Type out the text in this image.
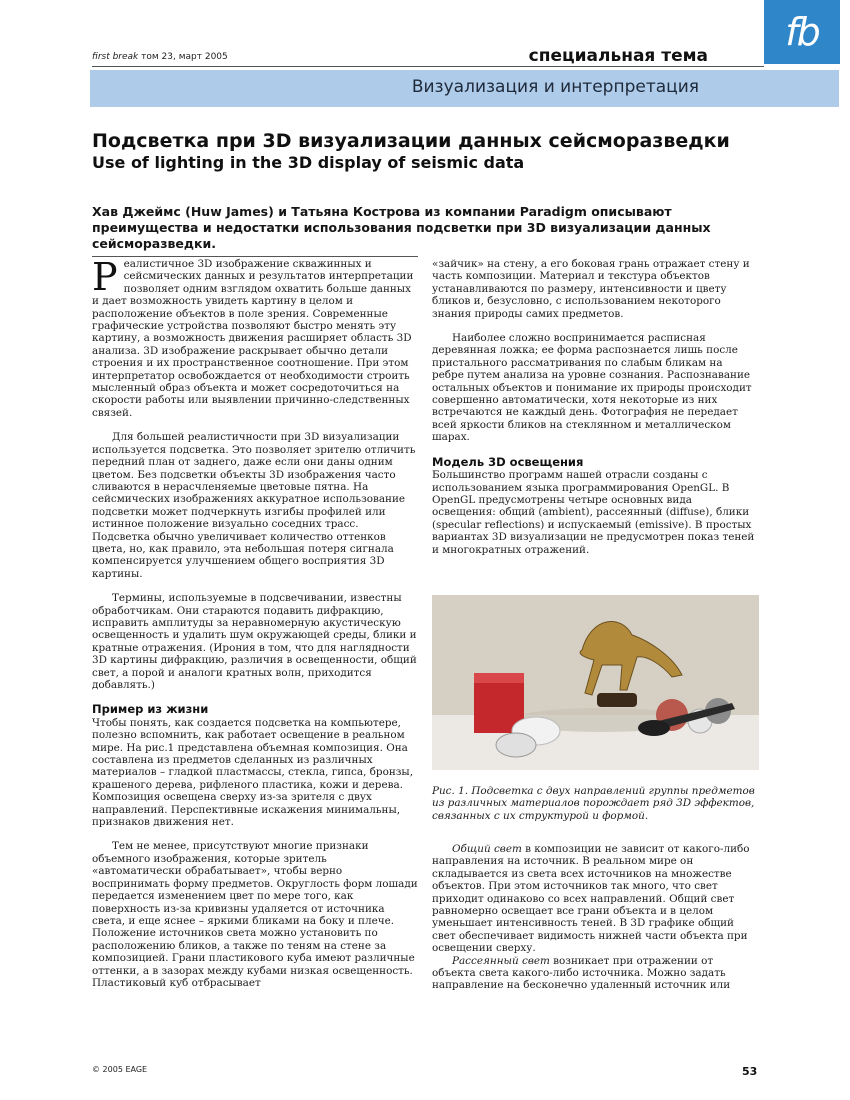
first break том 23, март 2005	специальная тема
Визуализация и интерпретация
fb
Подсветка при 3D визуализации данных сейсморазведки
Use of lighting in the 3D display of seismic data
Хав Джеймс (Huw James) и Татьяна Кострова из компании Paradigm описывают преимущества и недостатки использования подсветки при 3D визуализации данных сейсморазведки.

Реалистичное 3D изображение скважинных и сейсмических данных и результатов интерпретации позволяет одним взглядом охватить больше данных и дает возможность увидеть картину в целом и расположение объектов в поле зрения. Современные графические устройства позволяют быстро менять эту картину, а возможность движения расширяет область 3D анализа. 3D изображение раскрывает обычно детали строения и их пространственное соотношение. При этом интерпретатор освобождается от необходимости строить мысленный образ объекта и может сосредоточиться на скорости работы или выявлении причинно-следственных связей.

Для большей реалистичности при 3D визуализации используется подсветка. Это позволяет зрителю отличить передний план от заднего, даже если они даны одним цветом. Без подсветки объекты 3D изображения часто сливаются в нерасчленяемые цветовые пятна. На сейсмических изображениях аккуратное использование подсветки может подчеркнуть изгибы профилей или истинное положение визуально соседних трасс. Подсветка обычно увеличивает количество оттенков цвета, но, как правило, эта небольшая потеря сигнала компенсируется улучшением общего восприятия 3D картины.

Термины, используемые в подсвечивании, известны обработчикам. Они стараются подавить дифракцию, исправить амплитуды за неравномерную акустическую освещенность и удалить шум окружающей среды, блики и кратные отражения. (Ирония в том, что для наглядности 3D картины дифракцию, различия в освещенности, общий свет, а порой и аналоги кратных волн, приходится добавлять.)

Пример из жизни

Чтобы понять, как создается подсветка на компьютере, полезно вспомнить, как работает освещение в реальном мире. На рис.1 представлена объемная композиция. Она составлена из предметов сделанных из различных материалов – гладкой пластмассы, стекла, гипса, бронзы, крашеного дерева, рифленого пластика, кожи и дерева. Композиция освещена сверху из-за зрителя с двух направлений. Перспективные искажения минимальны, признаков движения нет.

Тем не менее, присутствуют многие признаки объемного изображения, которые зритель «автоматически обрабатывает», чтобы верно воспринимать форму предметов. Округлость форм лошади передается изменением цвет по мере того, как поверхность из-за кривизны удаляется от источника света, и еще яснее – яркими бликами на боку и плече. Положение источников света можно установить по расположению бликов, а также по теням на стене за композицией. Грани пластикового куба имеют различные оттенки, а в зазорах между кубами низкая освещенность. Пластиковый куб отбрасывает

«зайчик» на стену, а его боковая грань отражает стену и часть композиции. Материал и текстура объектов устанавливаются по размеру, интенсивности и цвету бликов и, безусловно, с использованием некоторого знания природы самих предметов.

Наиболее сложно воспринимается расписная деревянная ложка; ее форма распознается лишь после пристального рассматривания по слабым бликам на ребре путем анализа на уровне сознания. Распознавание остальных объектов и понимание их природы происходит совершенно автоматически, хотя некоторые из них встречаются не каждый день. Фотография не передает всей яркости бликов на стеклянном и металлическом шарах.

Модель 3D освещения

Большинство программ нашей отрасли созданы с использованием языка программирования OpenGL. В OpenGL предусмотрены четыре основных вида освещения: общий (ambient), рассеянный (diffuse), блики (specular reflections) и испускаемый (emissive). В простых вариантах 3D визуализации не предусмотрен показ теней и многократных отражений.

Рис. 1. Подсветка с двух направлений группы предметов из различных материалов порождает ряд 3D эффектов, связанных с их структурой и формой.

Общий свет в композиции не зависит от какого-либо направления на источник. В реальном мире он складывается из света всех источников на множестве объектов. При этом источников так много, что свет приходит одинаково со всех направлений. Общий свет равномерно освещает все грани объекта и в целом уменьшает интенсивность теней. В 3D графике общий свет обеспечивает видимость нижней части объекта при освещении сверху.

Рассеянный свет возникает при отражении от объекта света какого-либо источника. Можно задать направление на бесконечно удаленный источник или

© 2005 EAGE	53
